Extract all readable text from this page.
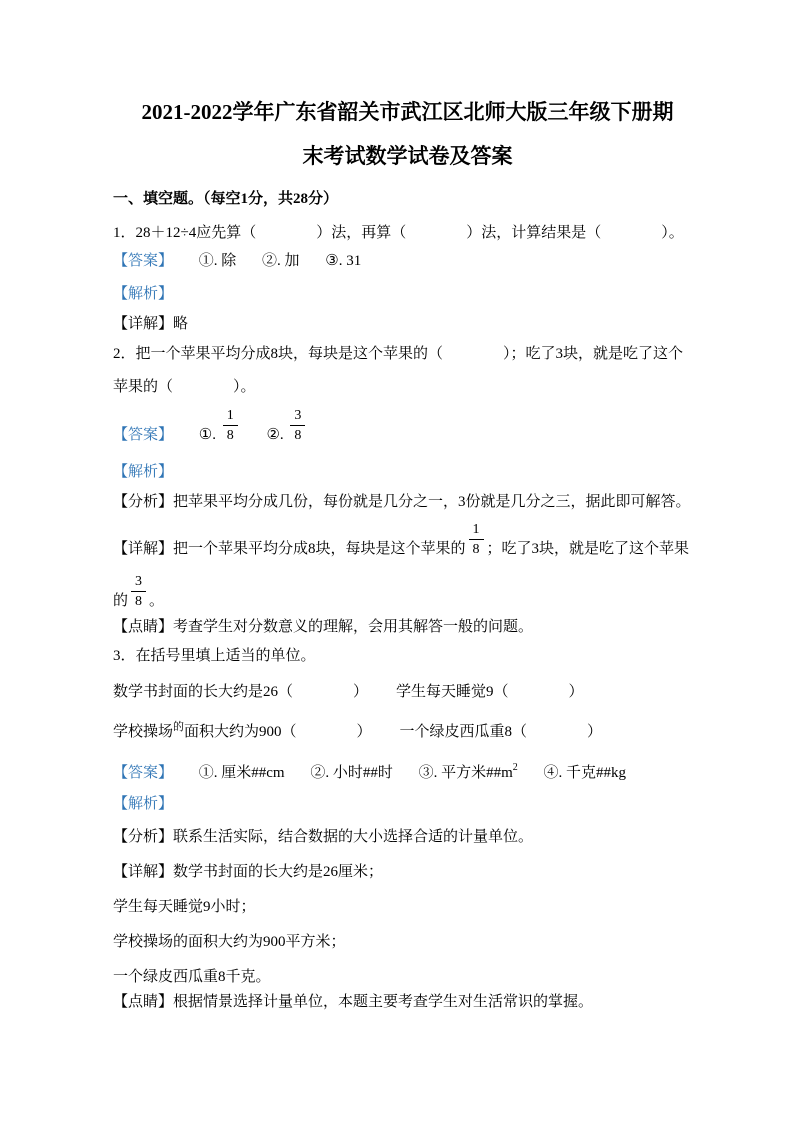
2021-2022学年广东省韶关市武江区北师大版三年级下册期
末考试数学试卷及答案

一、填空题。（每空1分，共28分）

1．28＋12÷4应先算（　　　　）法，再算（　　　　）法，计算结果是（　　　　）。

【答案】 ①. 除 ②. 加 ③. 31

【解析】

【详解】略

2．把一个苹果平均分成8块，每块是这个苹果的（　　　　）；吃了3块，就是吃了这个

苹果的（　　　　）。

【答案】 ①. $\frac{1}{8}$ ②. $\frac{3}{8}$

【解析】

【分析】把苹果平均分成几份，每份就是几分之一，3份就是几分之三，据此即可解答。

【详解】把一个苹果平均分成8块，每块是这个苹果的 $\frac{1}{8}$ ；吃了3块，就是吃了这个苹果

的 $\frac{3}{8}$ 。

【点睛】考查学生对分数意义的理解，会用其解答一般的问题。

3．在括号里填上适当的单位。

数学书封面的长大约是26（　　　　） 学生每天睡觉9（　　　　）

学校操场$^的$面积大约为900（　　　　） 一个绿皮西瓜重8（　　　　）

【答案】 ①. 厘米##cm ②. 小时##时 ③. 平方米$\#\#m^2$ ④. 千克##kg

【解析】

【分析】联系生活实际，结合数据的大小选择合适的计量单位。

【详解】数学书封面的长大约是26厘米；

学生每天睡觉9小时；

学校操场的面积大约为900平方米；

一个绿皮西瓜重8千克。

【点睛】根据情景选择计量单位，本题主要考查学生对生活常识的掌握。
